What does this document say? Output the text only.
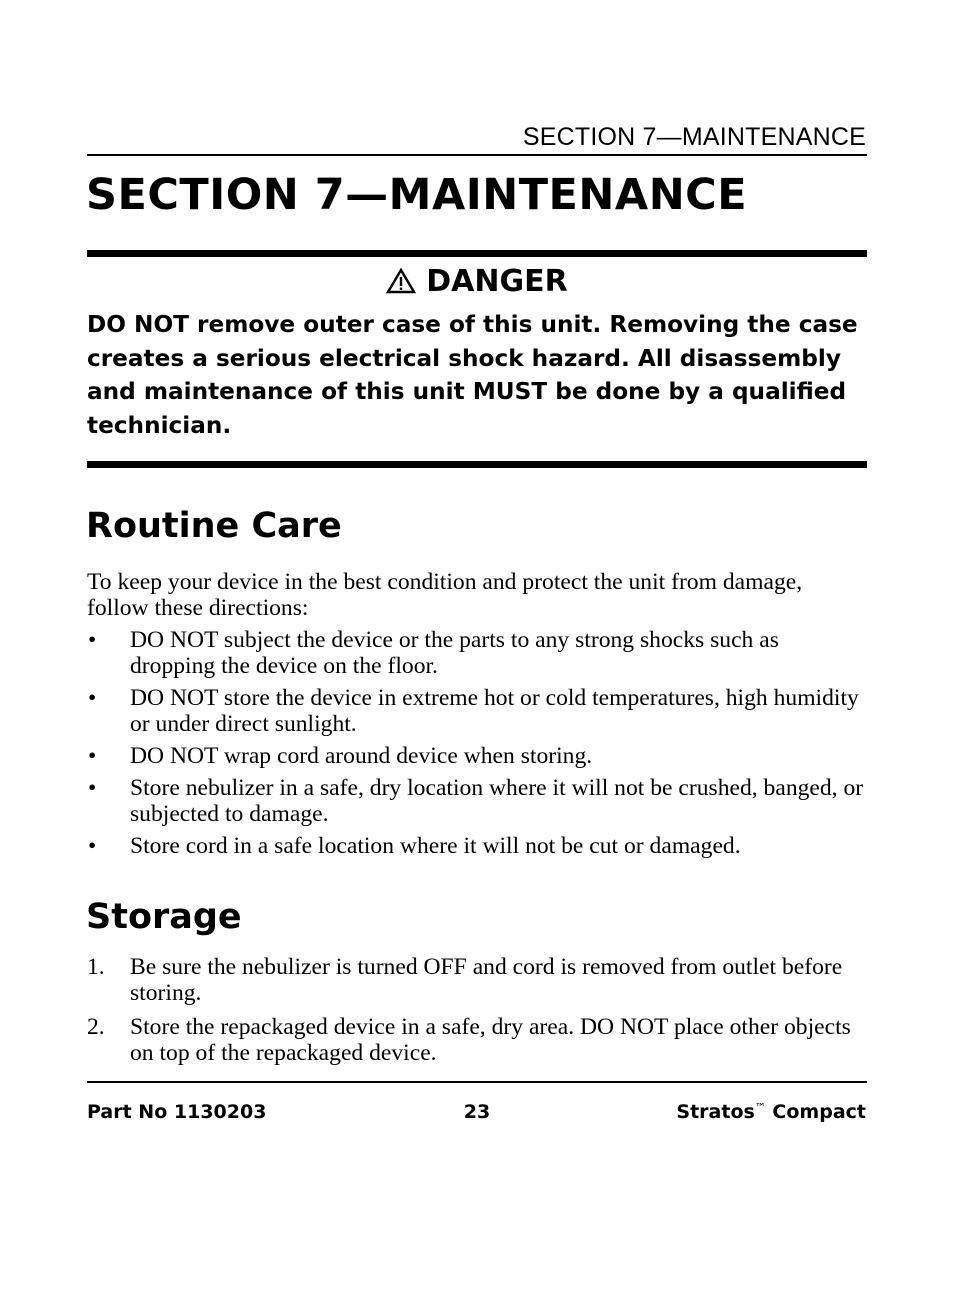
SECTION 7—MAINTENANCE
SECTION 7—MAINTENANCE
DANGER
DO NOT remove outer case of this unit. Removing the case creates a serious electrical shock hazard. All disassembly and maintenance of this unit MUST be done by a qualified technician.
Routine Care
To keep your device in the best condition and protect the unit from damage, follow these directions:
• DO NOT subject the device or the parts to any strong shocks such as dropping the device on the floor.
• DO NOT store the device in extreme hot or cold temperatures, high humidity or under direct sunlight.
• DO NOT wrap cord around device when storing.
• Store nebulizer in a safe, dry location where it will not be crushed, banged, or subjected to damage.
• Store cord in a safe location where it will not be cut or damaged.
Storage
1. Be sure the nebulizer is turned OFF and cord is removed from outlet before storing.
2. Store the repackaged device in a safe, dry area. DO NOT place other objects on top of the repackaged device.
Part No 1130203	23	Stratos™ Compact
